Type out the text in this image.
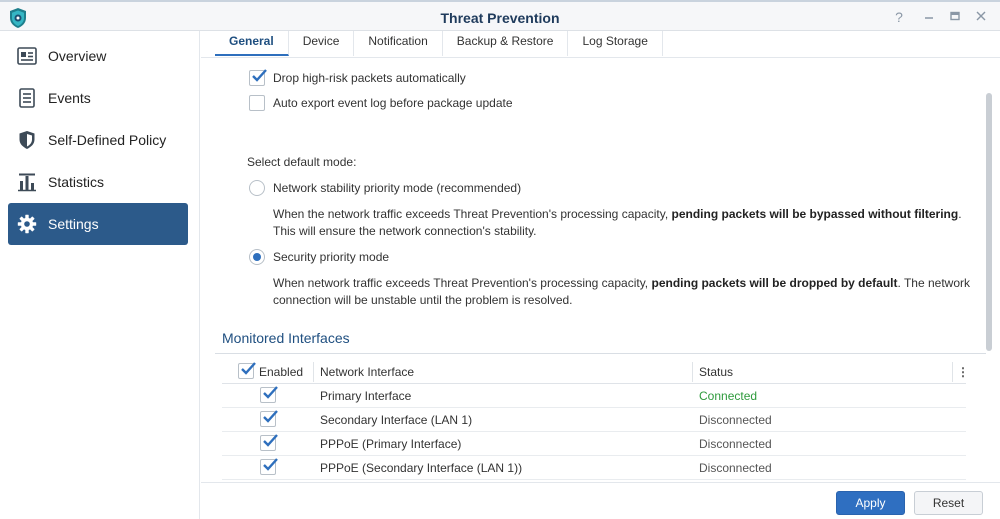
Threat Prevention	?
Overview
Events
Self-Defined Policy
Statistics
Settings
General	Device	Notification	Backup & Restore	Log Storage
Drop high-risk packets automatically
Auto export event log before package update
Select default mode:
Network stability priority mode (recommended)
When the network traffic exceeds Threat Prevention's processing capacity, pending packets will be bypassed without filtering. This will ensure the network connection's stability.
Security priority mode
When network traffic exceeds Threat Prevention's processing capacity, pending packets will be dropped by default. The network connection will be unstable until the problem is resolved.
Monitored Interfaces
Enabled Network Interface	Status	⋮
Primary Interface	Connected
Secondary Interface (LAN 1)	Disconnected
PPPoE (Primary Interface)	Disconnected
PPPoE (Secondary Interface (LAN 1))	Disconnected
Apply	Reset
